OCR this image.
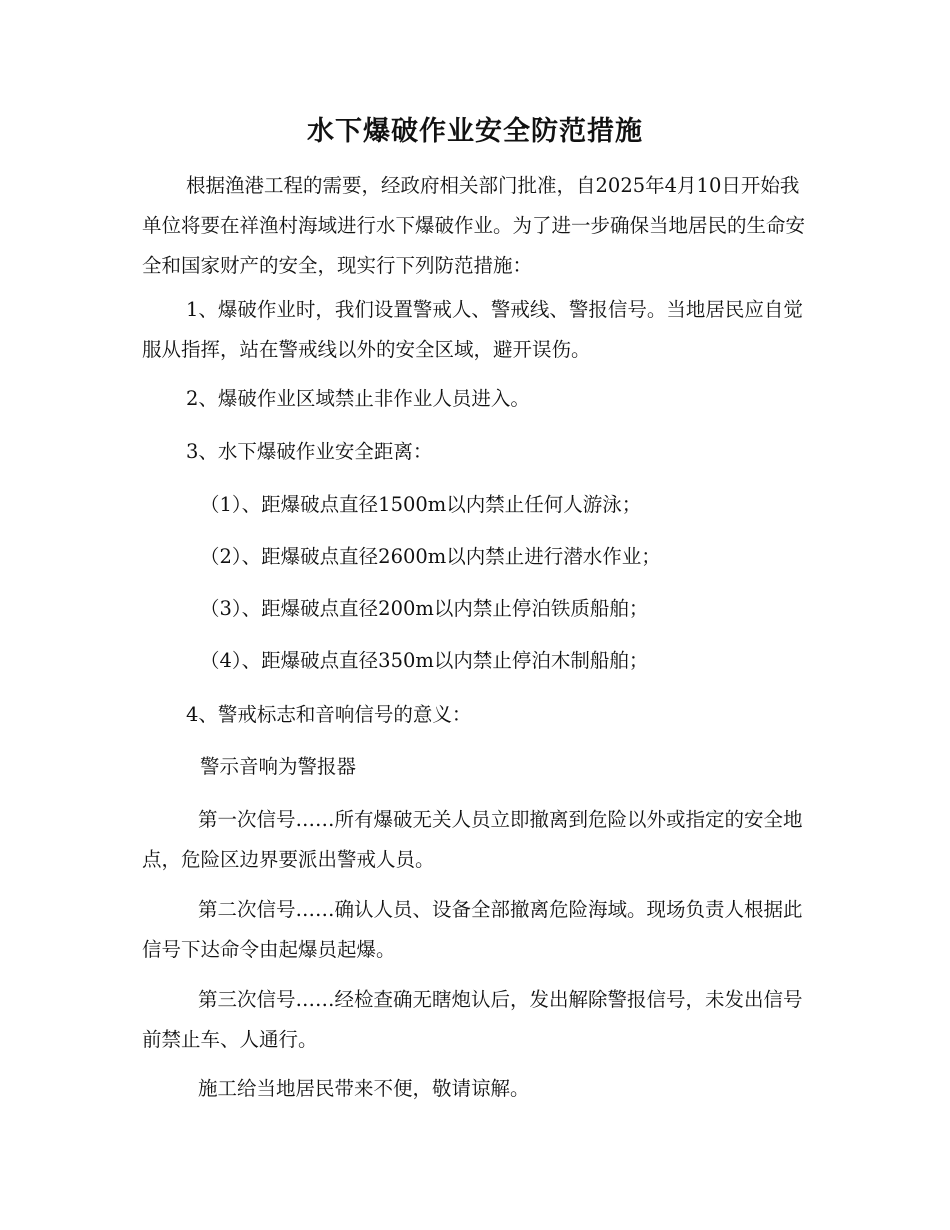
水下爆破作业安全防范措施

根据渔港工程的需要，经政府相关部门批准，自2025年4月10日开始我单位将要在祥渔村海域进行水下爆破作业。为了进一步确保当地居民的生命安全和国家财产的安全，现实行下列防范措施：

1、爆破作业时，我们设置警戒人、警戒线、警报信号。当地居民应自觉服从指挥，站在警戒线以外的安全区域，避开误伤。

2、爆破作业区域禁止非作业人员进入。

3、水下爆破作业安全距离：

（1）、距爆破点直径1500m以内禁止任何人游泳；

（2）、距爆破点直径2600m以内禁止进行潜水作业；

（3）、距爆破点直径200m以内禁止停泊铁质船舶；

（4）、距爆破点直径350m以内禁止停泊木制船舶；

4、警戒标志和音响信号的意义：

警示音响为警报器

第一次信号……所有爆破无关人员立即撤离到危险以外或指定的安全地点，危险区边界要派出警戒人员。

第二次信号……确认人员、设备全部撤离危险海域。现场负责人根据此信号下达命令由起爆员起爆。

第三次信号……经检查确无瞎炮认后，发出解除警报信号，未发出信号前禁止车、人通行。

施工给当地居民带来不便，敬请谅解。
